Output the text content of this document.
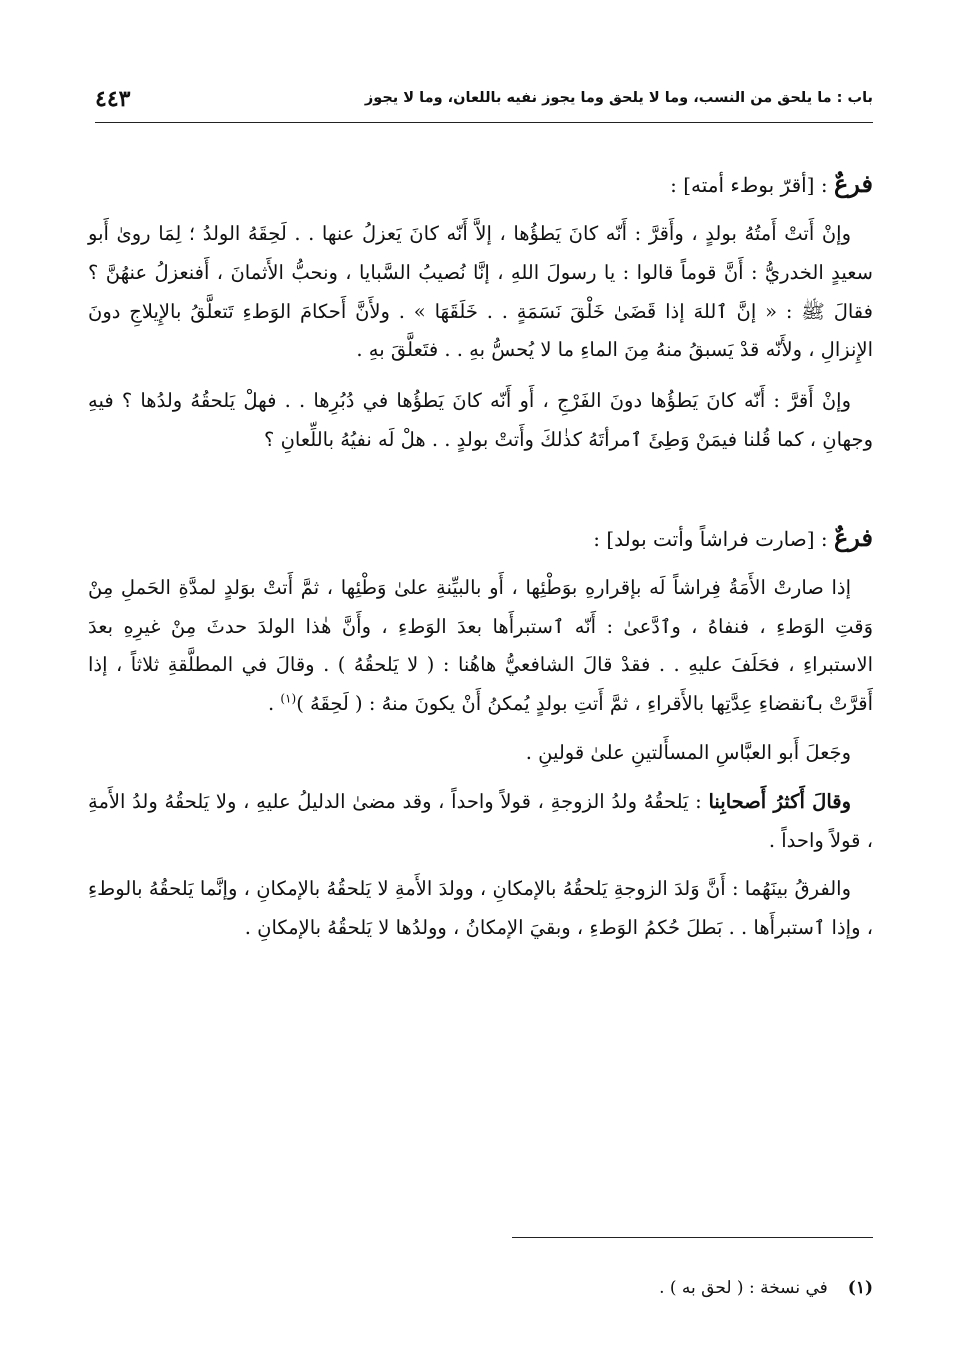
باب : ما يلحق من النسب، وما لا يلحق وما يجوز نفيه باللعان، وما لا يجوز
٤٤٣
فرعٌ : [أقرّ بوطء أمته] :

وإنْ أَتتْ أَمتُهُ بولدٍ ، وأَقرَّ : أَنّه كانَ يَطؤُها ، إلاَّ أَنّه كانَ يَعزلُ عنها . . لَحِقَهُ الولدُ ؛ لِمَا روىٰ أَبو سعيدٍ الخدريُّ : أَنَّ قوماً قالوا : يا رسولَ اللهِ ، إنَّا نُصيبُ السَّبايا ، ونحبُّ الأَثمانَ ، أَفنعزلُ عنهُنَّ ؟ فقالَ ﷺ : « إنَّ ٱللهَ إذا قَضَىٰ خَلْقَ نَسَمَةٍ . . خَلَقَهَا » . ولأَنَّ أَحكامَ الوَطءِ تَتعلَّقُ بالإِيلاجِ دونَ الإِنزالِ ، ولأَنّه قدْ يَسبقُ منهُ مِنَ الماءِ ما لا يُحسُّ بهِ . . فتَعلَّقَ بهِ .

وإنْ أَقرَّ : أَنّه كانَ يَطؤُها دونَ الفَرْجِ ، أَو أَنّه كانَ يَطؤُها في دُبُرِها . . فهلْ يَلحقُهُ ولدُها ؟ فيهِ وجهانِ ، كما قُلنا فيمَنْ وَطِئَ ٱمرأتَهُ كذٰلكَ وأَتتْ بولدٍ . . هلْ لَه نفيُهُ باللِّعانِ ؟

فرعٌ : [صارت فراشاً وأتت بولد] :

إذا صارتْ الأَمَةُ فِراشاً لَه بإقرارهِ بوَطْئِها ، أَو بالبيِّنةِ علىٰ وَطْئِها ، ثمَّ أَتتْ بوَلدٍ لمدَّةِ الحَملِ مِنْ وَقتِ الوَطءِ ، فنفاهُ ، وٱدَّعىٰ : أَنّه ٱستبرأَها بعدَ الوَطءِ ، وأَنَّ هٰذا الولدَ حدثَ مِنْ غيرِهِ بعدَ الاستبراءِ ، فحَلَفَ عليهِ . . فقدْ قالَ الشافعيُّ هاهُنا : ( لا يَلحقُهُ ) . وقالَ في المطلَّقةِ ثلاثاً ، إذا أَقرَّتْ بٱنقضاءِ عِدَّتِها بالأَقراءِ ، ثمَّ أَتتِ بولدٍ يُمكنُ أَنْ يكونَ منهُ : ( لَحِقَهُ )$^{(١)}$ .

وجَعلَ أَبو العبَّاسِ المسأَلتينِ علىٰ قولينِ .

وقالَ أَكثرُ أَصحابِنا : يَلحقُهُ ولدُ الزوجةِ ، قولاً واحداً ، وقد مضىٰ الدليلُ عليهِ ، ولا يَلحقُهُ ولدُ الأَمةِ ، قولاً واحداً .

والفرقُ بينَهُما : أَنَّ وَلدَ الزوجةِ يَلحقُهُ بالإمكانِ ، وولدَ الأَمةِ لا يَلحقُهُ بالإمكانِ ، وإنَّما يَلحقُهُ بالوطءِ ، وإذا ٱستبرأَها . . بَطلَ حُكمُ الوَطءِ ، وبقيَ الإمكانُ ، وولدُها لا يَلحقُهُ بالإمكانِ .

(١)في نسخة : ( لحق به ) .
